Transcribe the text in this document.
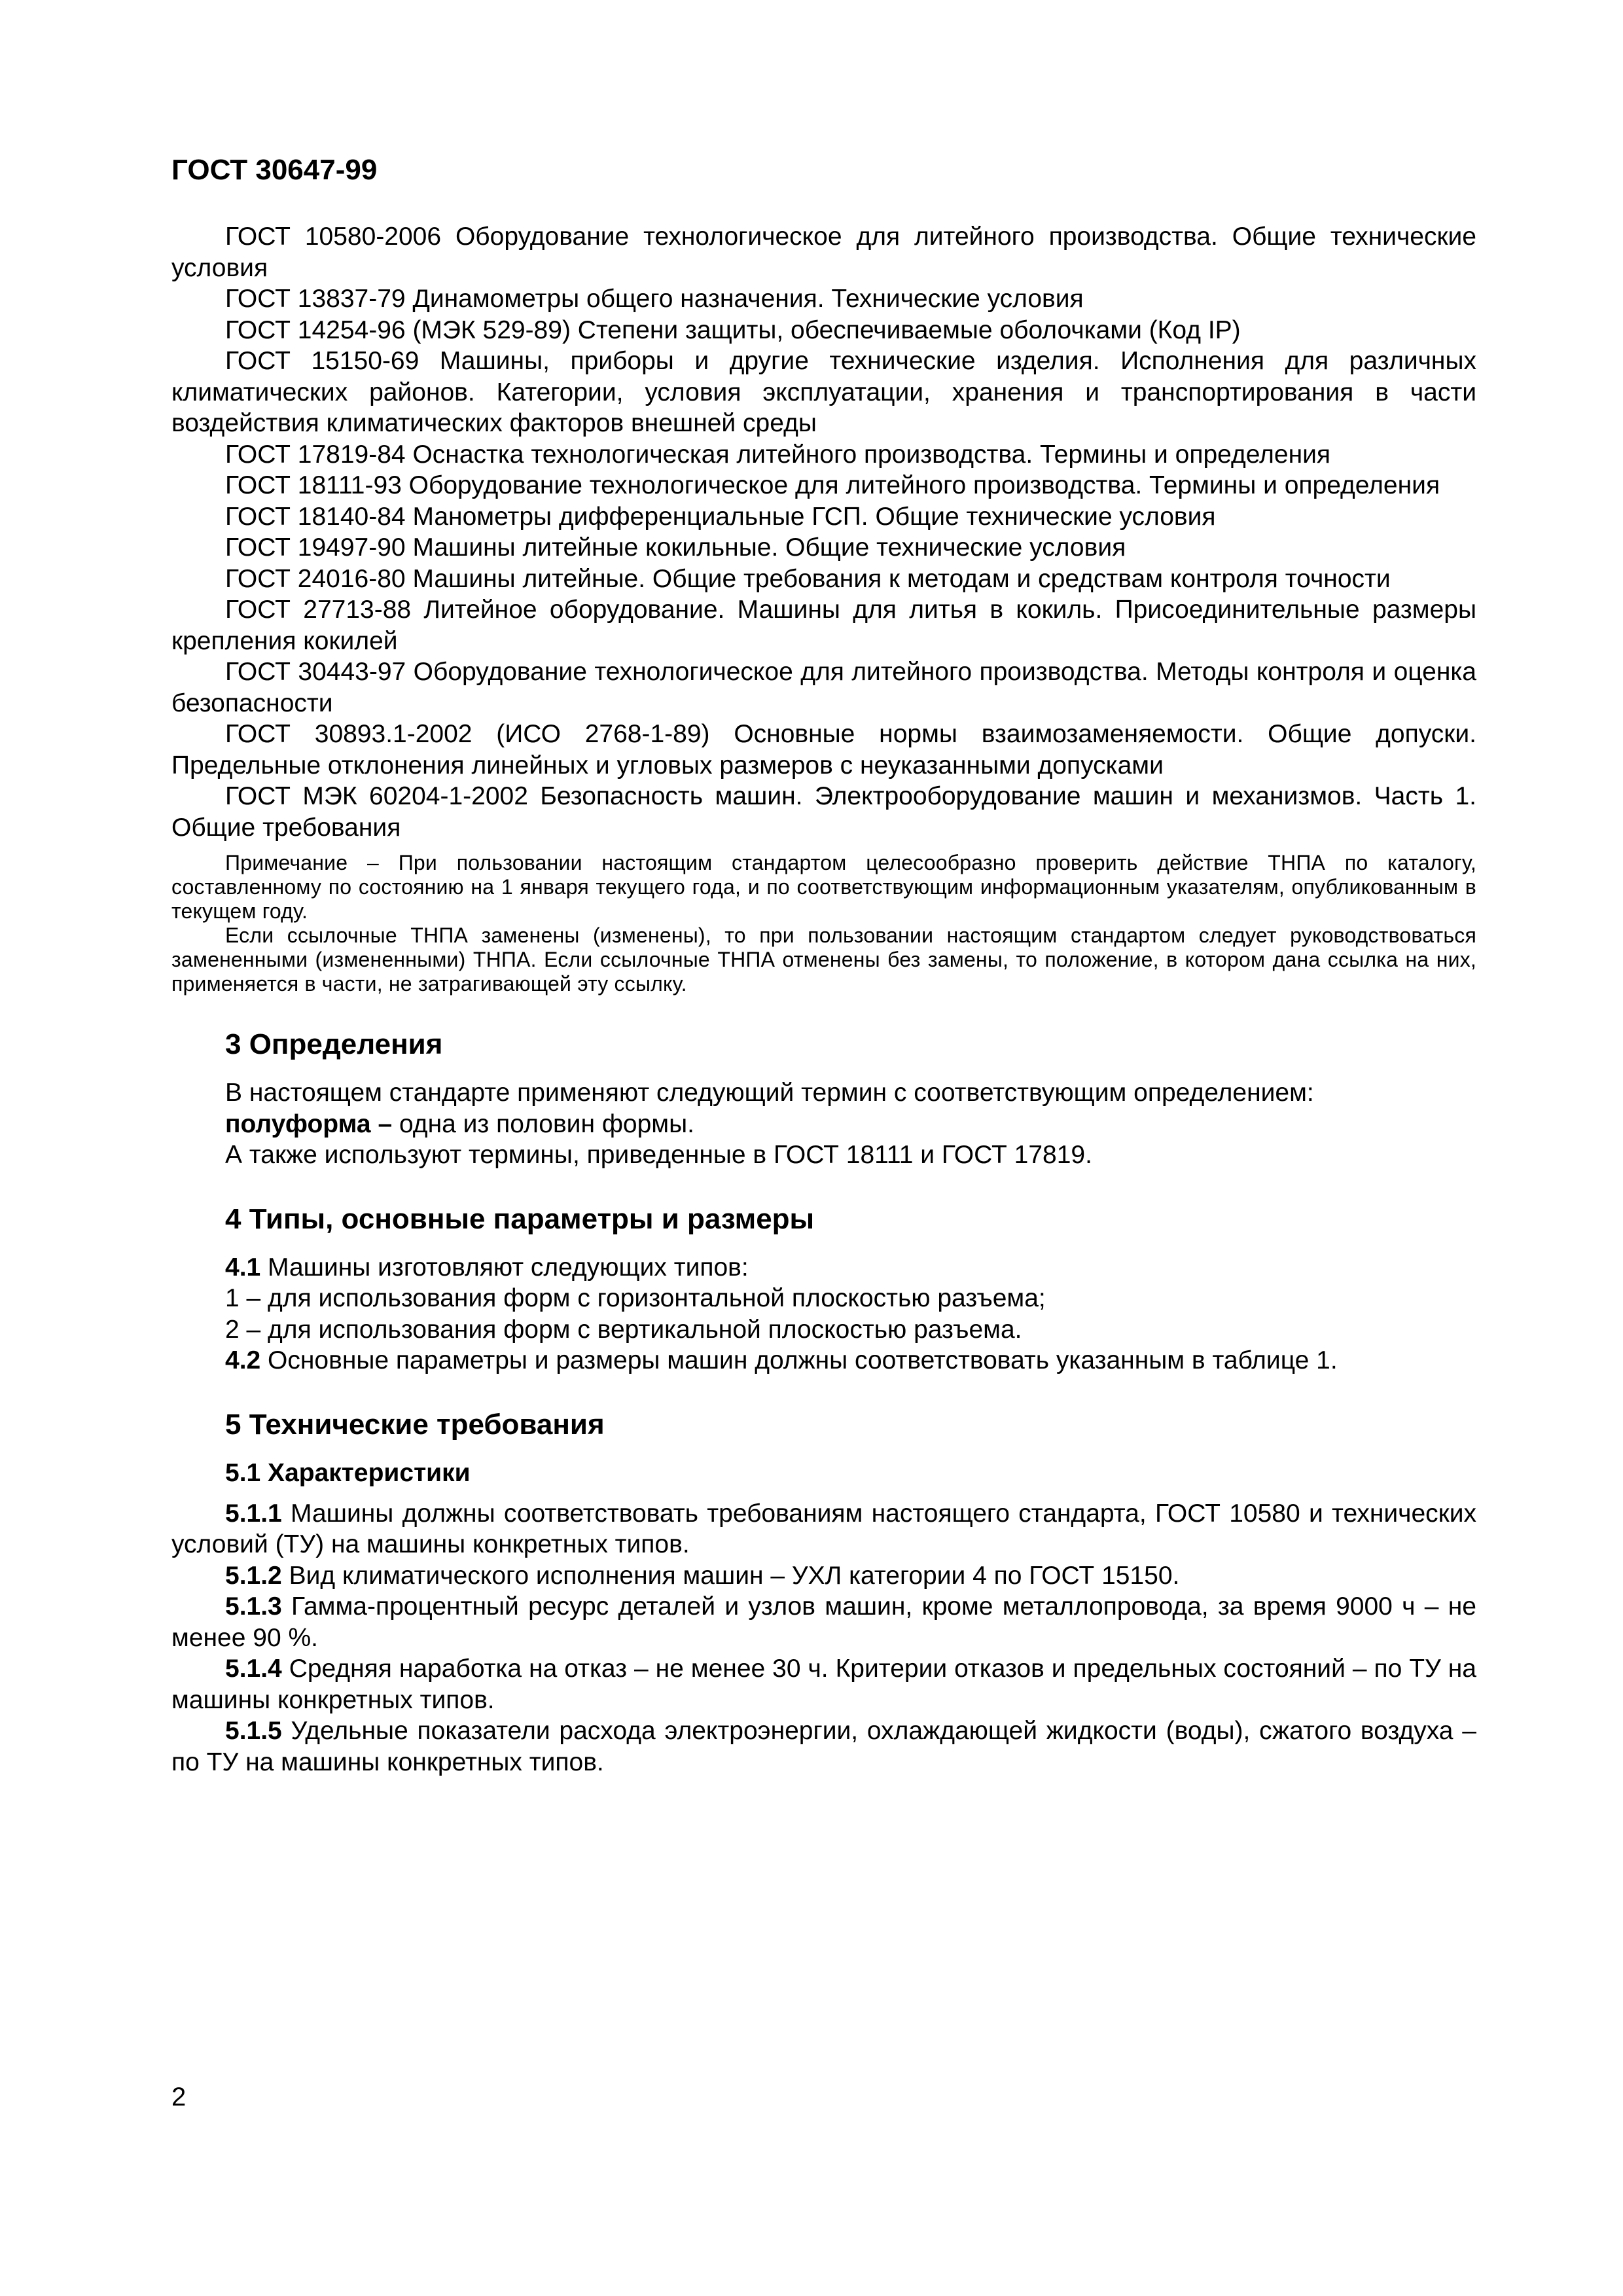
ГОСТ 30647-99

ГОСТ 10580-2006 Оборудование технологическое для литейного производства. Общие технические условия

ГОСТ 13837-79 Динамометры общего назначения. Технические условия

ГОСТ 14254-96 (МЭК 529-89) Степени защиты, обеспечиваемые оболочками (Код IP)

ГОСТ 15150-69 Машины, приборы и другие технические изделия. Исполнения для различных климатических районов. Категории, условия эксплуатации, хранения и транспортирования в части воздействия климатических факторов внешней среды

ГОСТ 17819-84 Оснастка технологическая литейного производства. Термины и определения

ГОСТ 18111-93 Оборудование технологическое для литейного производства. Термины и определения

ГОСТ 18140-84 Манометры дифференциальные ГСП. Общие технические условия

ГОСТ 19497-90 Машины литейные кокильные. Общие технические условия

ГОСТ 24016-80 Машины литейные. Общие требования к методам и средствам контроля точности

ГОСТ 27713-88 Литейное оборудование. Машины для литья в кокиль. Присоединительные размеры крепления кокилей

ГОСТ 30443-97 Оборудование технологическое для литейного производства. Методы контроля и оценка безопасности

ГОСТ 30893.1-2002 (ИСО 2768-1-89) Основные нормы взаимозаменяемости. Общие допуски. Предельные отклонения линейных и угловых размеров с неуказанными допусками

ГОСТ МЭК 60204-1-2002 Безопасность машин. Электрооборудование машин и механизмов. Часть 1. Общие требования

Примечание – При пользовании настоящим стандартом целесообразно проверить действие ТНПА по каталогу, составленному по состоянию на 1 января текущего года, и по соответствующим информационным указателям, опубликованным в текущем году.

Если ссылочные ТНПА заменены (изменены), то при пользовании настоящим стандартом следует руководствоваться замененными (измененными) ТНПА. Если ссылочные ТНПА отменены без замены, то положение, в котором дана ссылка на них, применяется в части, не затрагивающей эту ссылку.

3 Определения

В настоящем стандарте применяют следующий термин с соответствующим определением:

полуформа – одна из половин формы.

А также используют термины, приведенные в ГОСТ 18111 и ГОСТ 17819.

4 Типы, основные параметры и размеры

4.1 Машины изготовляют следующих типов:

1 – для использования форм с горизонтальной плоскостью разъема;

2 – для использования форм с вертикальной плоскостью разъема.

4.2 Основные параметры и размеры машин должны соответствовать указанным в таблице 1.

5 Технические требования
5.1 Характеристики

5.1.1 Машины должны соответствовать требованиям настоящего стандарта, ГОСТ 10580 и технических условий (ТУ) на машины конкретных типов.

5.1.2 Вид климатического исполнения машин – УХЛ категории 4 по ГОСТ 15150.

5.1.3 Гамма-процентный ресурс деталей и узлов машин, кроме металлопровода, за время 9000 ч – не менее 90 %.

5.1.4 Средняя наработка на отказ – не менее 30 ч. Критерии отказов и предельных состояний – по ТУ на машины конкретных типов.

5.1.5 Удельные показатели расхода электроэнергии, охлаждающей жидкости (воды), сжатого воздуха – по ТУ на машины конкретных типов.

2
